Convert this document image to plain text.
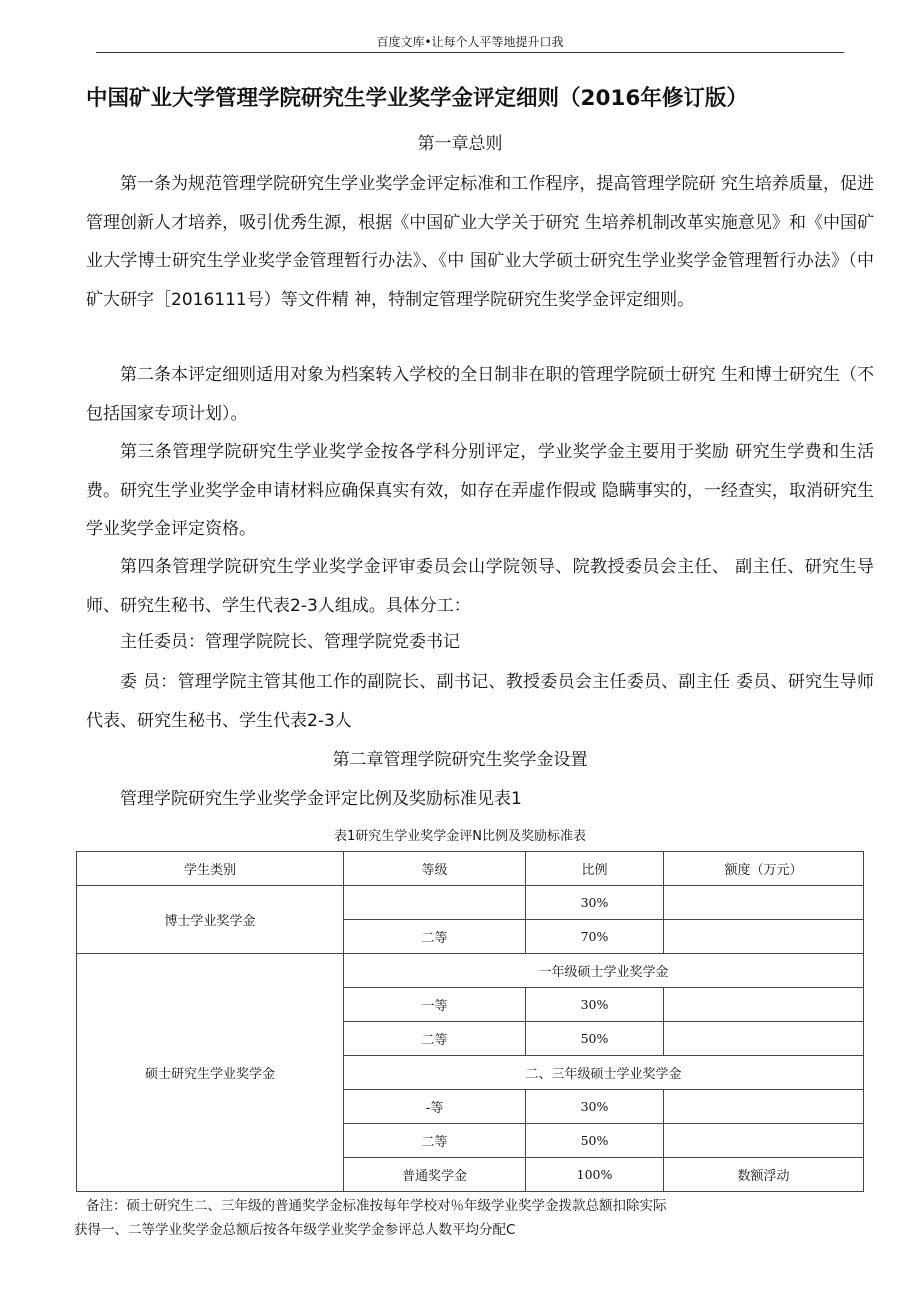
百度文库•让每个人平等地提升口我
中国矿业大学管理学院研究生学业奖学金评定细则（2016年修订版）
第一章总则

第一条为规范管理学院研究生学业奖学金评定标准和工作程序，提高管理学院研 究生培养质量，促进管理创新人才培养，吸引优秀生源，根据《中国矿业大学关于研究 生培养机制改革实施意见》和《中国矿业大学博士研究生学业奖学金管理暂行办法》、《中 国矿业大学硕士研究生学业奖学金管理暂行办法》（中矿大研字［2016111号）等文件精 神，特制定管理学院研究生奖学金评定细则。

第二条本评定细则适用对象为档案转入学校的全日制非在职的管理学院硕士研究 生和博士研究生（不包括国家专项计划）。

第三条管理学院研究生学业奖学金按各学科分别评定，学业奖学金主要用于奖励 研究生学费和生活费。研究生学业奖学金申请材料应确保真实有效，如存在弄虚作假或 隐瞒事实的，一经查实，取消研究生学业奖学金评定资格。

第四条管理学院研究生学业奖学金评审委员会山学院领导、院教授委员会主任、 副主任、研究生导师、研究生秘书、学生代表2-3人组成。具体分工：

主任委员：管理学院院长、管理学院党委书记

委 员：管理学院主管其他工作的副院长、副书记、教授委员会主任委员、副主任 委员、研究生导师代表、研究生秘书、学生代表2-3人

第二章管理学院研究生奖学金设置
管理学院研究生学业奖学金评定比例及奖励标准见表1
表1研究生学业奖学金评N比例及奖励标准表
学生类别	等级	比例	额度（万元）
博士学业奖学金		30%	
	二等	70%	
硕士研究生学业奖学金	一年级硕士学业奖学金		
	一等	30%	
	二等	50%	
	二、三年级硕士学业奖学金		
	-等	30%	
	二等	50%	
	普通奖学金	100%	数额浮动
备注：硕士研究生二、三年级的普通奖学金标准按每年学校对％年级学业奖学金拨款总额扣除实际
获得一、二等学业奖学金总额后按各年级学业奖学金参评总人数平均分配C
